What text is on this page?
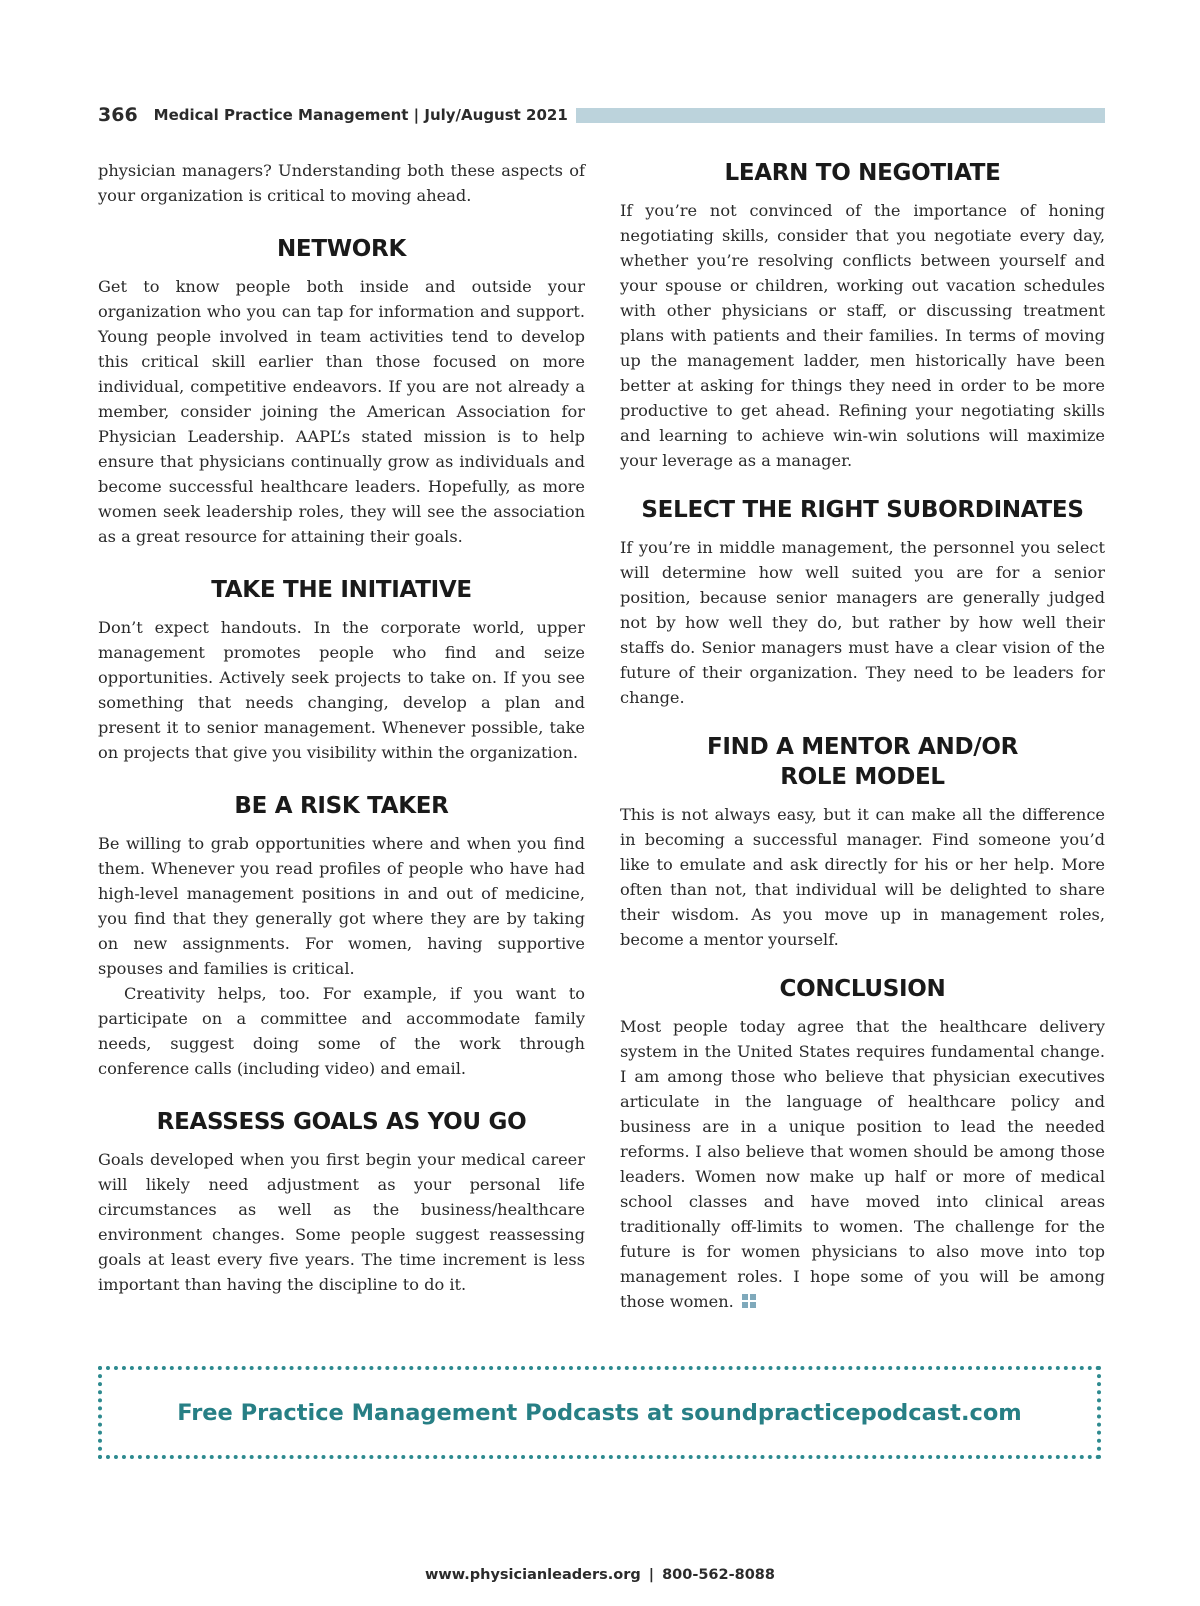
366 Medical Practice Management | July/August 2021

physician managers? Understanding both these aspects of your organization is critical to moving ahead.

NETWORK

Get to know people both inside and outside your organization who you can tap for information and support. Young people involved in team activities tend to develop this critical skill earlier than those focused on more individual, competitive endeavors. If you are not already a member, consider joining the American Association for Physician Leadership. AAPL’s stated mission is to help ensure that physicians continually grow as individuals and become successful healthcare leaders. Hopefully, as more women seek leadership roles, they will see the association as a great resource for attaining their goals.

TAKE THE INITIATIVE

Don’t expect handouts. In the corporate world, upper management promotes people who find and seize opportunities. Actively seek projects to take on. If you see something that needs changing, develop a plan and present it to senior management. Whenever possible, take on projects that give you visibility within the organization.

BE A RISK TAKER

Be willing to grab opportunities where and when you find them. Whenever you read profiles of people who have had high-level management positions in and out of medicine, you find that they generally got where they are by taking on new assignments. For women, having supportive spouses and families is critical.

Creativity helps, too. For example, if you want to participate on a committee and accommodate family needs, suggest doing some of the work through conference calls (including video) and email.

REASSESS GOALS AS YOU GO

Goals developed when you first begin your medical career will likely need adjustment as your personal life circumstances as well as the business/healthcare environment changes. Some people suggest reassessing goals at least every five years. The time increment is less important than having the discipline to do it.

LEARN TO NEGOTIATE

If you’re not convinced of the importance of honing negotiating skills, consider that you negotiate every day, whether you’re resolving conflicts between yourself and your spouse or children, working out vacation schedules with other physicians or staff, or discussing treatment plans with patients and their families. In terms of moving up the management ladder, men historically have been better at asking for things they need in order to be more productive to get ahead. Refining your negotiating skills and learning to achieve win-win solutions will maximize your leverage as a manager.

SELECT THE RIGHT SUBORDINATES

If you’re in middle management, the personnel you select will determine how well suited you are for a senior position, because senior managers are generally judged not by how well they do, but rather by how well their staffs do. Senior managers must have a clear vision of the future of their organization. They need to be leaders for change.

FIND A MENTOR AND/OR
ROLE MODEL

This is not always easy, but it can make all the difference in becoming a successful manager. Find someone you’d like to emulate and ask directly for his or her help. More often than not, that individual will be delighted to share their wisdom. As you move up in management roles, become a mentor yourself.

CONCLUSION

Most people today agree that the healthcare delivery system in the United States requires fundamental change. I am among those who believe that physician executives articulate in the language of healthcare policy and business are in a unique position to lead the needed reforms. I also believe that women should be among those leaders. Women now make up half or more of medical school classes and have moved into clinical areas traditionally off-limits to women. The challenge for the future is for women physicians to also move into top management roles. I hope some of you will be among those women.

Free Practice Management Podcasts at soundpracticepodcast.com
www.physicianleaders.org | 800-562-8088
